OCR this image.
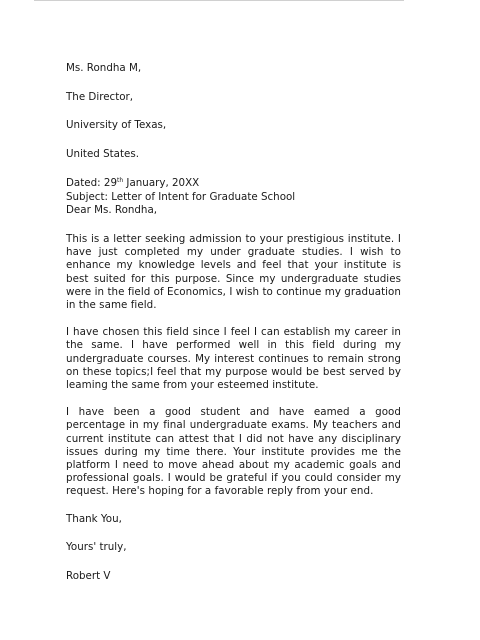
Ms. Rondha M,

The Director,

University of Texas,

United States.

Dated: 29th January, 20XX

Subject: Letter of Intent for Graduate School

Dear Ms. Rondha,

This is a letter seeking admission to your prestigious institute. I have just completed my under graduate studies. I wish to enhance my knowledge levels and feel that your institute is best suited for this purpose. Since my undergraduate studies were in the field of Economics, I wish to continue my graduation in the same field.

I have chosen this field since I feel I can establish my career in the same. I have performed well in this field during my undergraduate courses. My interest continues to remain strong on these topics;I feel that my purpose would be best served by leaming the same from your esteemed institute.

I have been a good student and have eamed a good percentage in my final undergraduate exams. My teachers and current institute can attest that I did not have any disciplinary issues during my time there. Your institute provides me the platform I need to move ahead about my academic goals and professional goals. I would be grateful if you could consider my request. Here's hoping for a favorable reply from your end.

Thank You,

Yours' truly,

Robert V
